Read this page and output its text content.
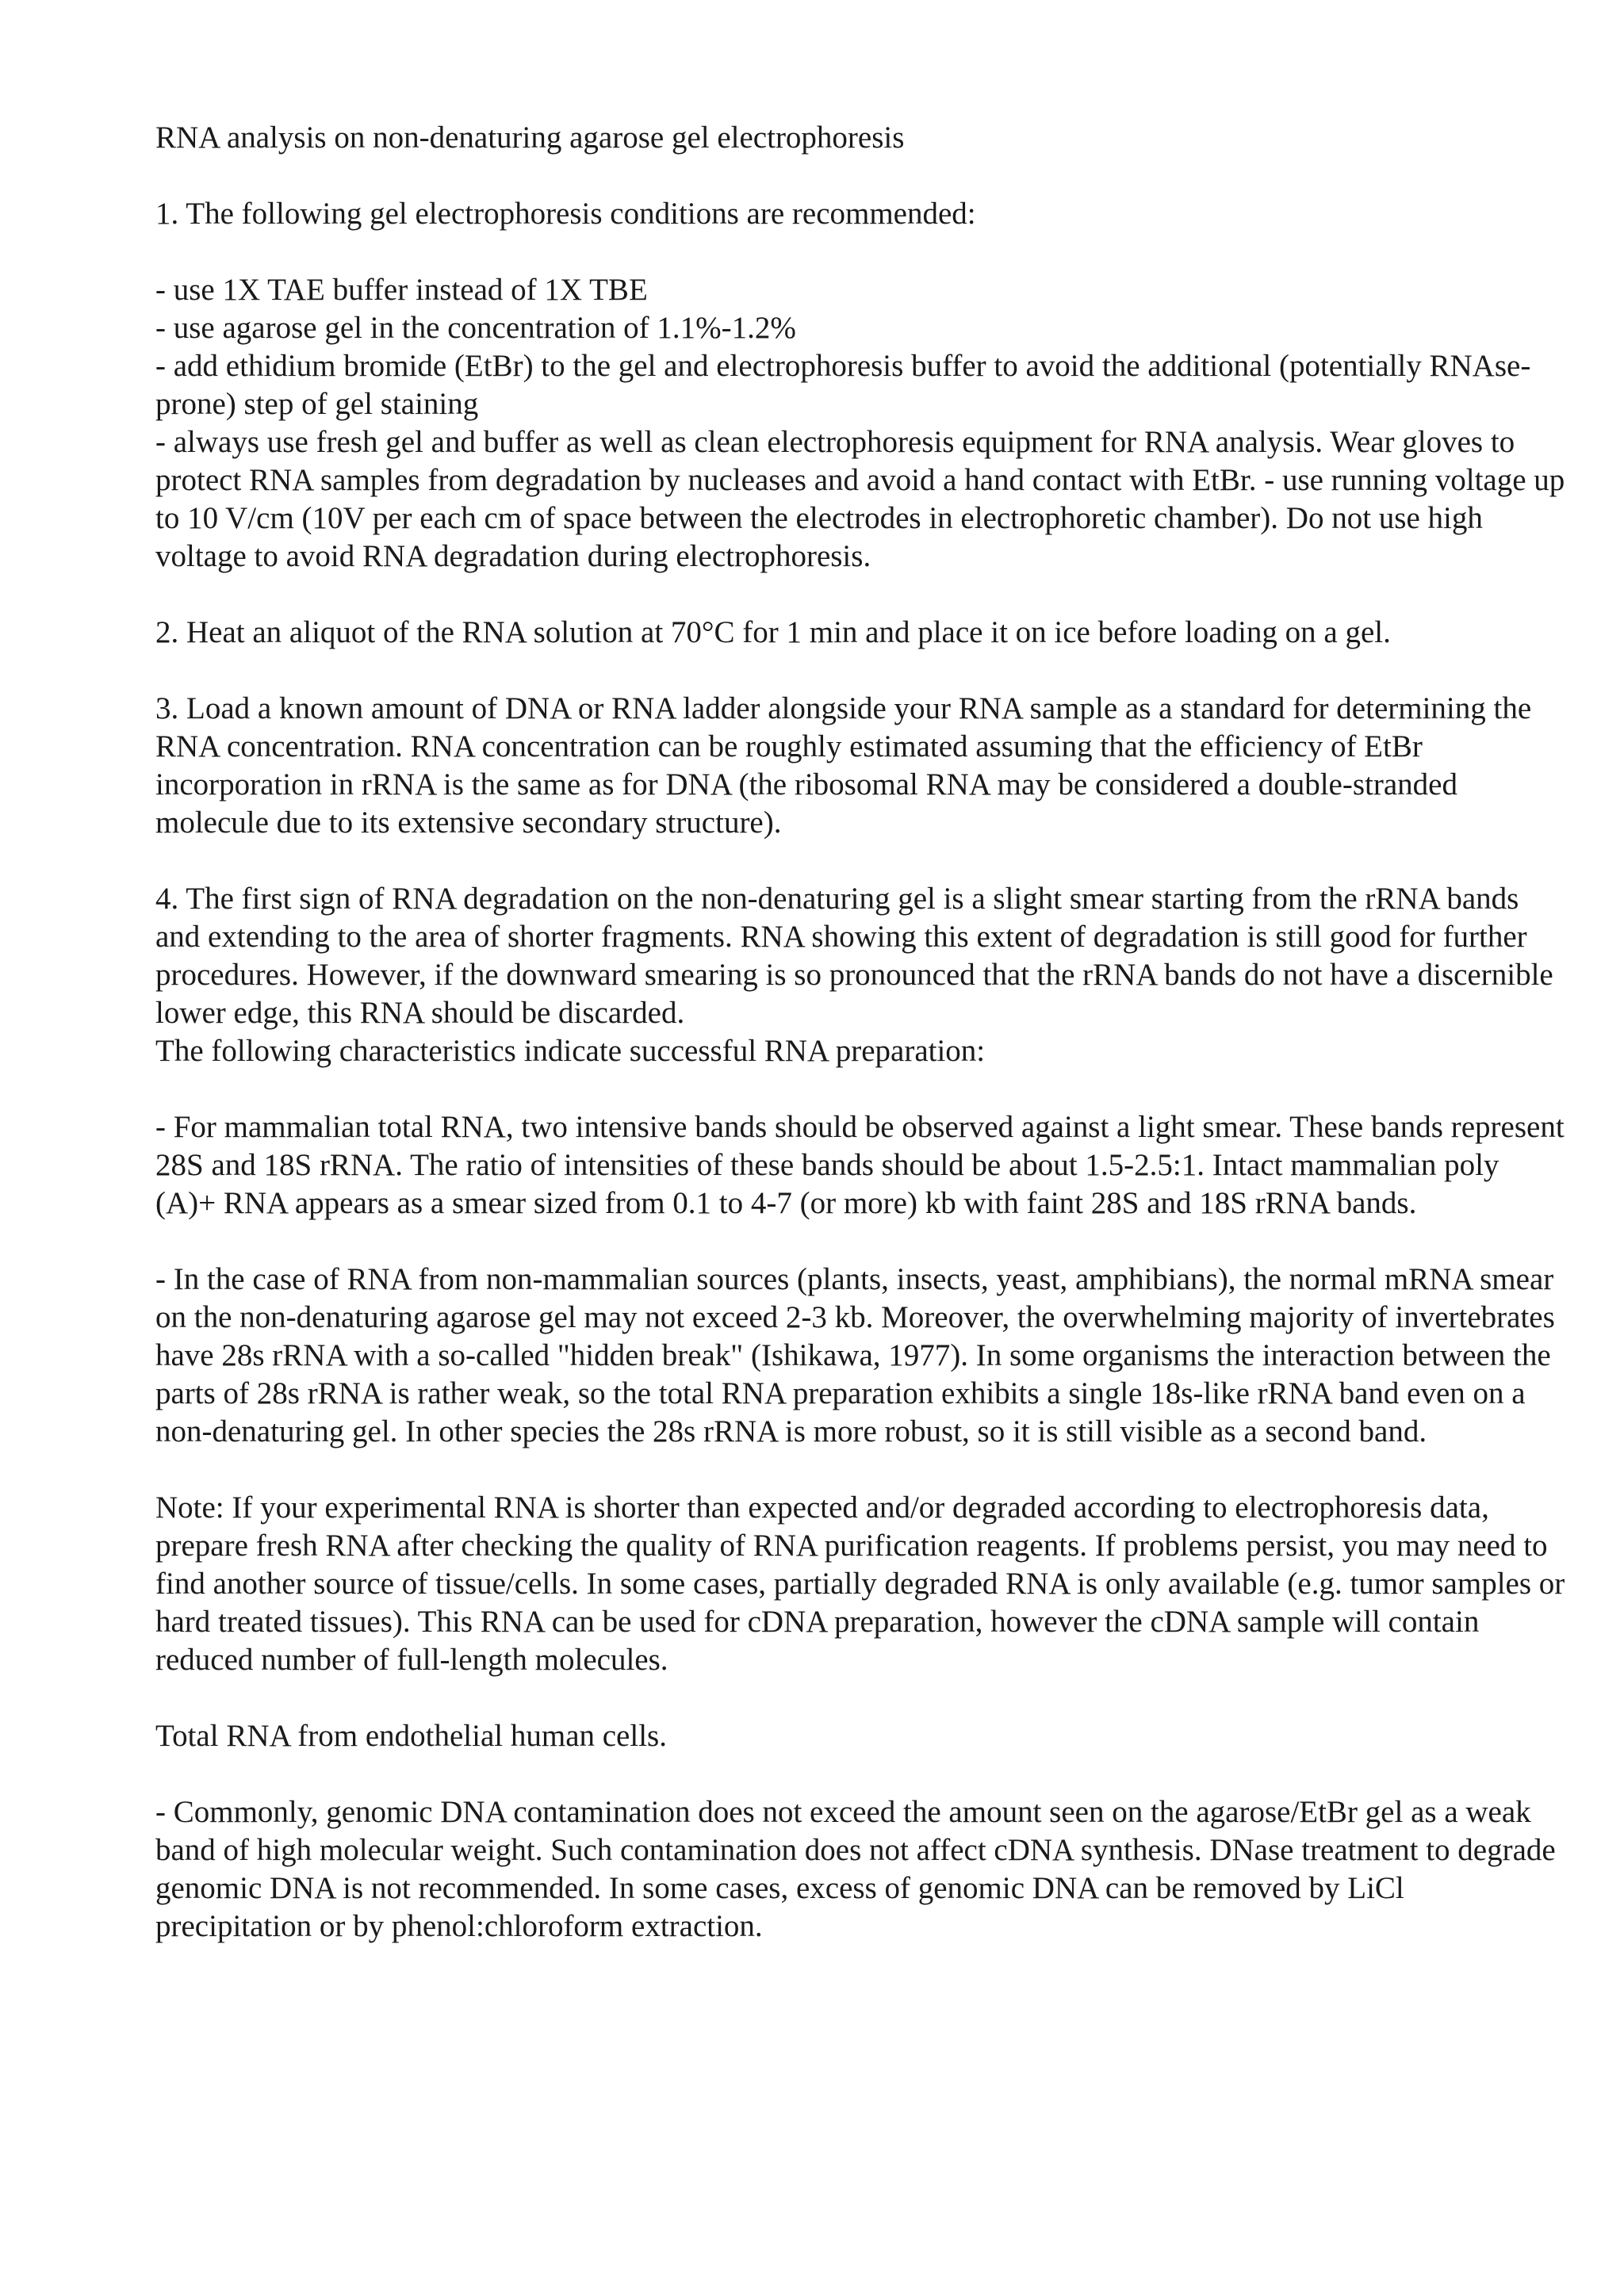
RNA analysis on non-denaturing agarose gel electrophoresis

1. The following gel electrophoresis conditions are recommended:

- use 1X TAE buffer instead of 1X TBE

- use agarose gel in the concentration of 1.1%-1.2%

- add ethidium bromide (EtBr) to the gel and electrophoresis buffer to avoid the additional (potentially RNAse-prone) step of gel staining

- always use fresh gel and buffer as well as clean electrophoresis equipment for RNA analysis. Wear gloves to protect RNA samples from degradation by nucleases and avoid a hand contact with EtBr. - use running voltage up to 10 V/cm (10V per each cm of space between the electrodes in electrophoretic chamber). Do not use high voltage to avoid RNA degradation during electrophoresis.

2. Heat an aliquot of the RNA solution at 70°C for 1 min and place it on ice before loading on a gel.

3. Load a known amount of DNA or RNA ladder alongside your RNA sample as a standard for determining the RNA concentration. RNA concentration can be roughly estimated assuming that the efficiency of EtBr incorporation in rRNA is the same as for DNA (the ribosomal RNA may be considered a double-stranded molecule due to its extensive secondary structure).

4. The first sign of RNA degradation on the non-denaturing gel is a slight smear starting from the rRNA bands and extending to the area of shorter fragments. RNA showing this extent of degradation is still good for further procedures. However, if the downward smearing is so pronounced that the rRNA bands do not have a discernible lower edge, this RNA should be discarded.

The following characteristics indicate successful RNA preparation:

- For mammalian total RNA, two intensive bands should be observed against a light smear. These bands represent 28S and 18S rRNA. The ratio of intensities of these bands should be about 1.5-2.5:1. Intact mammalian poly (A)+ RNA appears as a smear sized from 0.1 to 4-7 (or more) kb with faint 28S and 18S rRNA bands.

- In the case of RNA from non-mammalian sources (plants, insects, yeast, amphibians), the normal mRNA smear on the non-denaturing agarose gel may not exceed 2-3 kb. Moreover, the overwhelming majority of invertebrates have 28s rRNA with a so-called "hidden break" (Ishikawa, 1977). In some organisms the interaction between the parts of 28s rRNA is rather weak, so the total RNA preparation exhibits a single 18s-like rRNA band even on a non-denaturing gel. In other species the 28s rRNA is more robust, so it is still visible as a second band.

Note: If your experimental RNA is shorter than expected and/or degraded according to electrophoresis data, prepare fresh RNA after checking the quality of RNA purification reagents. If problems persist, you may need to find another source of tissue/cells. In some cases, partially degraded RNA is only available (e.g. tumor samples or hard treated tissues). This RNA can be used for cDNA preparation, however the cDNA sample will contain reduced number of full-length molecules.

Total RNA from endothelial human cells.

- Commonly, genomic DNA contamination does not exceed the amount seen on the agarose/EtBr gel as a weak band of high molecular weight. Such contamination does not affect cDNA synthesis. DNase treatment to degrade genomic DNA is not recommended. In some cases, excess of genomic DNA can be removed by LiCl precipitation or by phenol:chloroform extraction.
